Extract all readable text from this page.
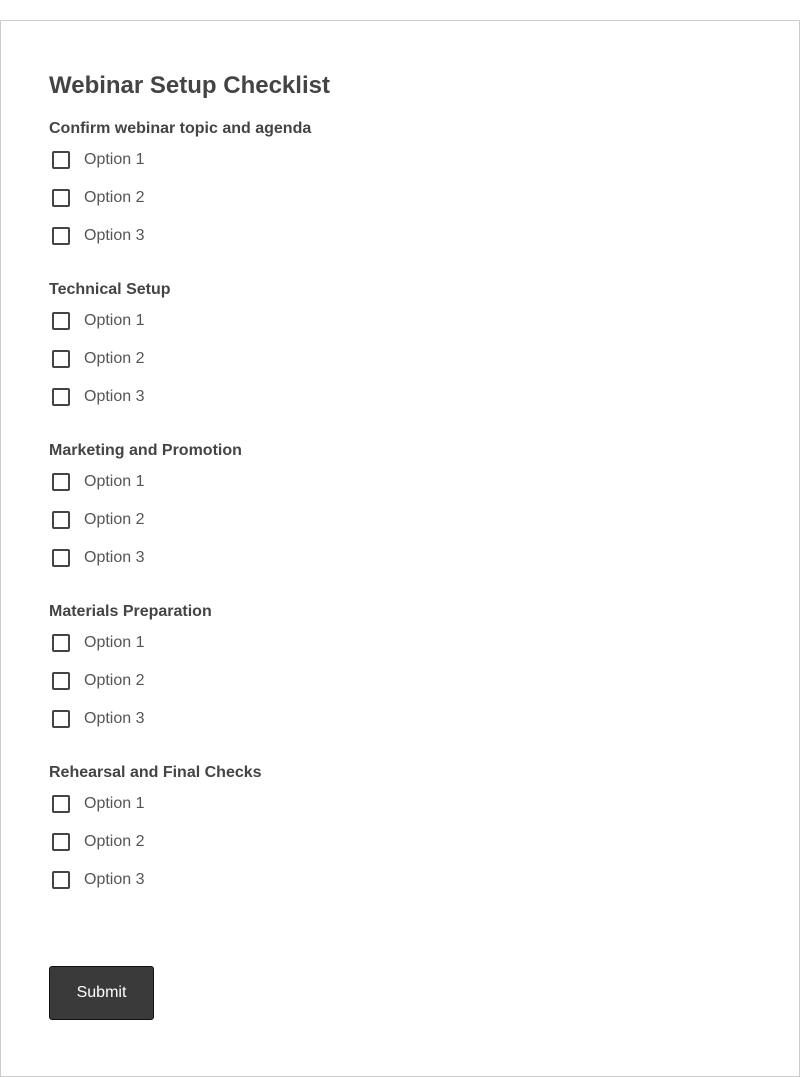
Webinar Setup Checklist
Confirm webinar topic and agenda
Option 1
Option 2
Option 3
Technical Setup
Option 1
Option 2
Option 3
Marketing and Promotion
Option 1
Option 2
Option 3
Materials Preparation
Option 1
Option 2
Option 3
Rehearsal and Final Checks
Option 1
Option 2
Option 3
Submit
